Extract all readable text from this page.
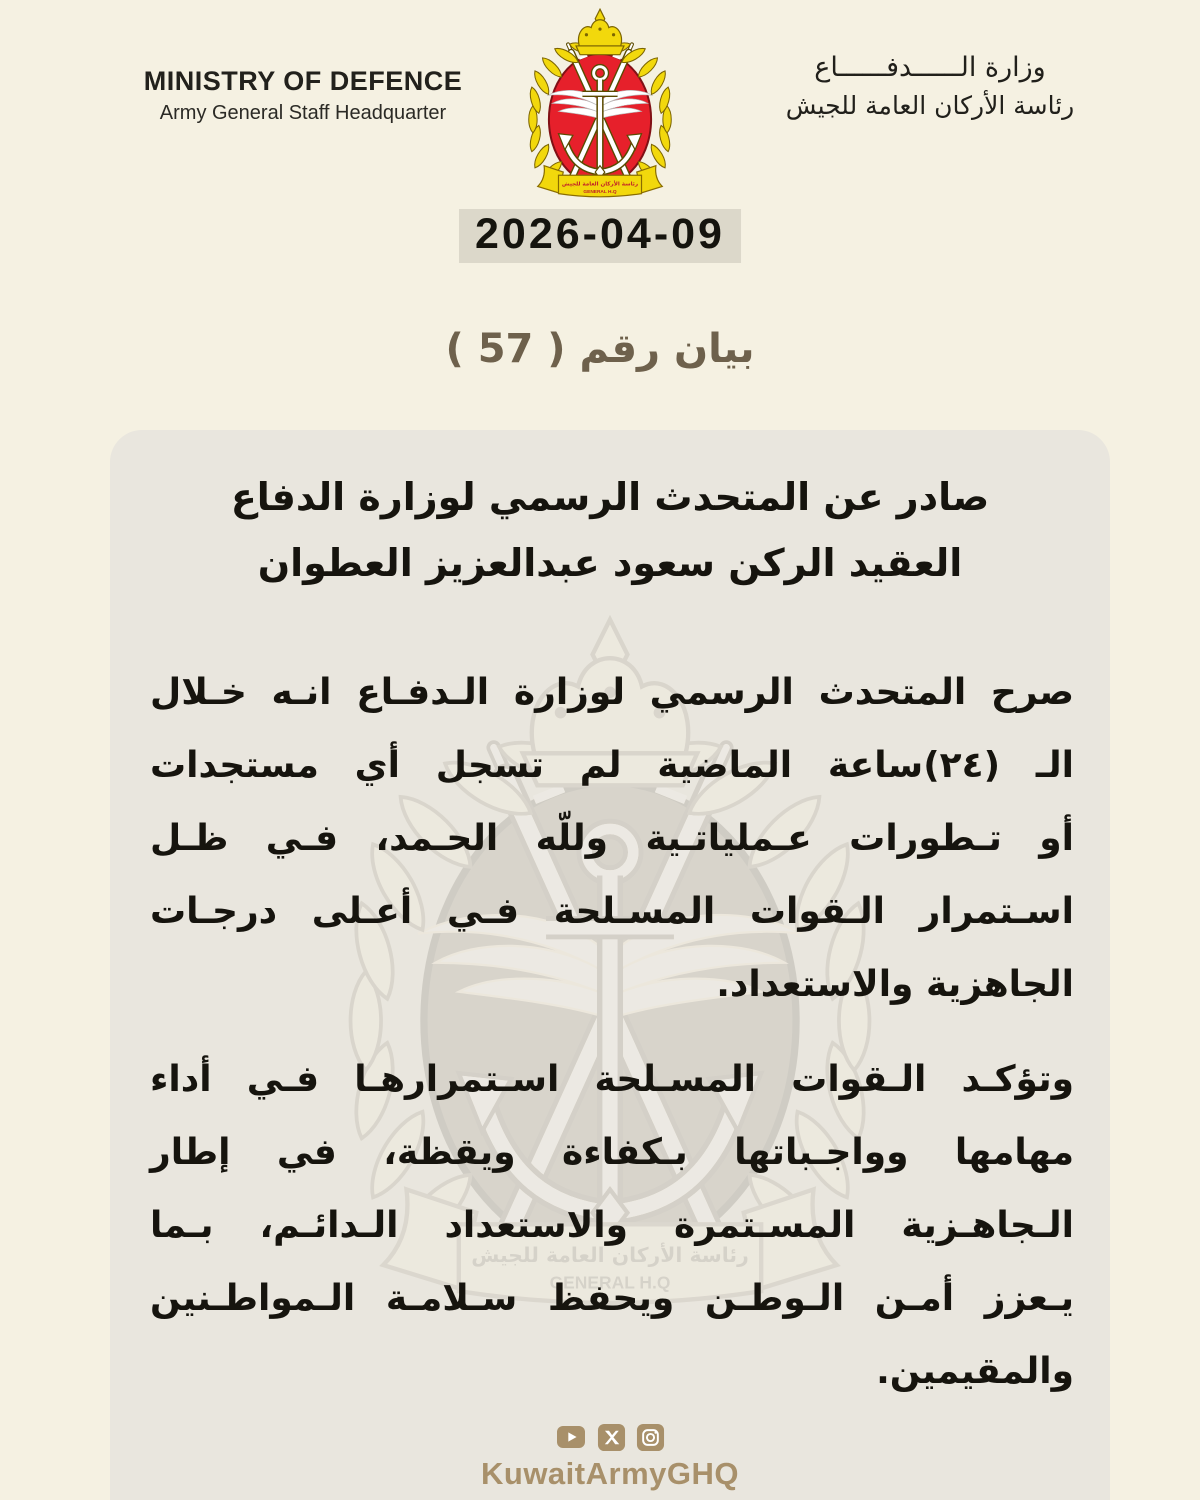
MINISTRY OF DEFENCE
Army General Staff Headquarter
رئاسة الأركان العامة للجيش
GENERAL H.Q
وزارة الــــــدفــــــاع
رئاسة الأركان العامة للجيش
2026-04-09
بيان رقم ( 57 )
صادر عن المتحدث الرسمي لوزارة الدفاع
العقيد الركن سعود عبدالعزيز العطوان
صرح المتحدث الرسمي لوزارة الـدفـاع انـه خـلال
الـ (٢٤)ساعة الماضية لم تسجل أي مستجدات
أو تـطورات عـملياتـية وللّه الحـمد، فـي ظـل
اسـتمرار الـقوات المسـلحة فـي أعـلى درجـات
الجاهزية والاستعداد.
وتؤكـد الـقوات المسـلحة اسـتمرارهـا فـي أداء
مهامها وواجـباتها بـكفاءة ويقظة، في إطار
الـجاهـزية المسـتمرة والاستعداد الـدائـم، بـما
يـعزز أمـن الـوطـن ويحفظ سـلامـة الـمواطـنين
والمقيمين.
KuwaitArmyGHQ
